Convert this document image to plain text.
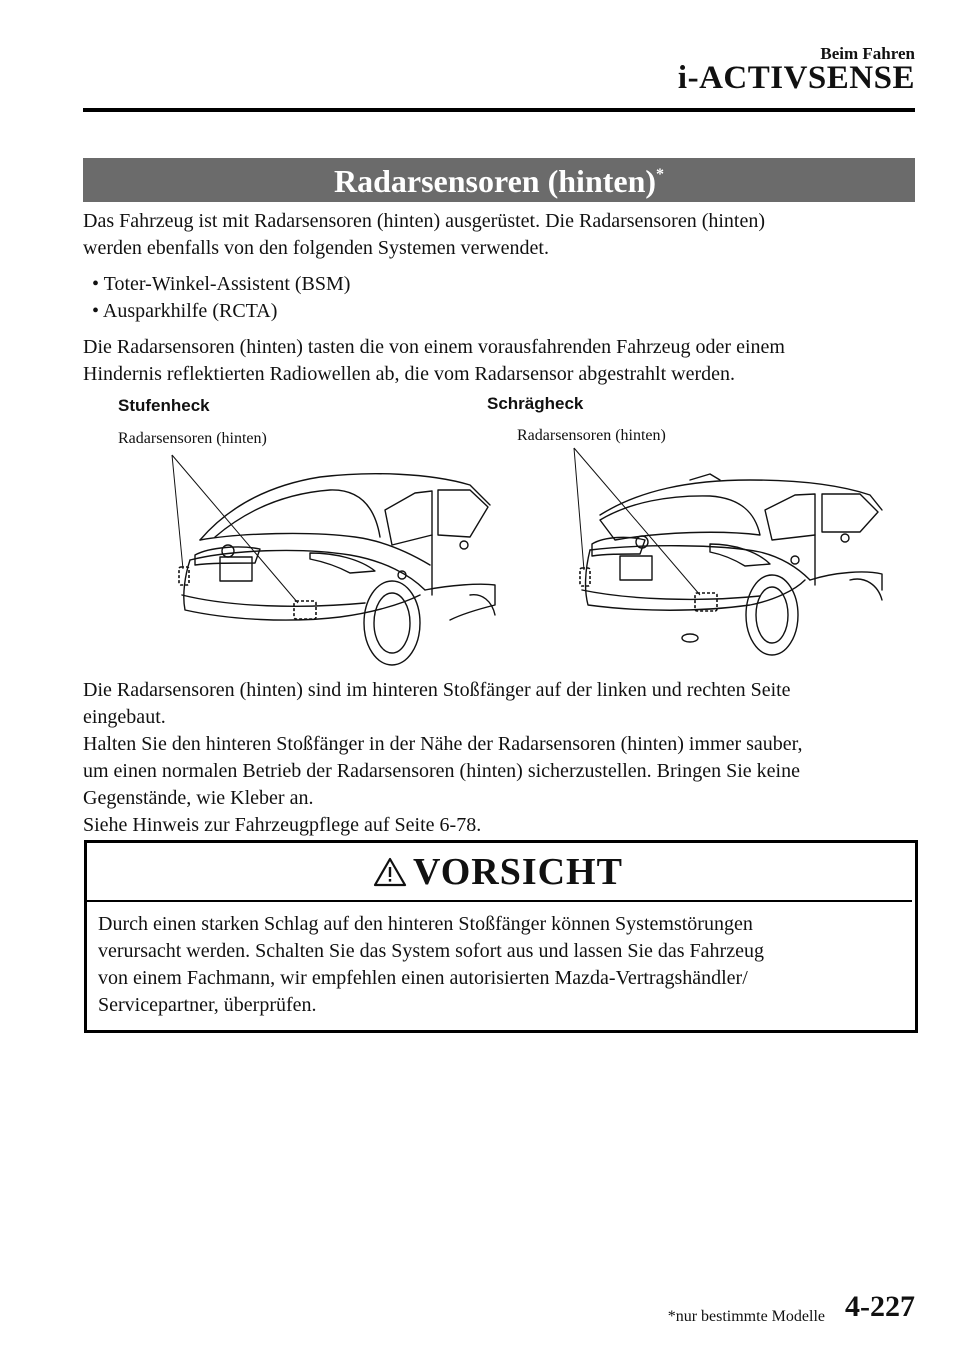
Beim Fahren
i-ACTIVSENSE
Radarsensoren (hinten)*
Das Fahrzeug ist mit Radarsensoren (hinten) ausgerüstet. Die Radarsensoren (hinten)
werden ebenfalls von den folgenden Systemen verwendet.
• Toter-Winkel-Assistent (BSM)
• Ausparkhilfe (RCTA)
Die Radarsensoren (hinten) tasten die von einem vorausfahrenden Fahrzeug oder einem
Hindernis reflektierten Radiowellen ab, die vom Radarsensor abgestrahlt werden.
Stufenheck	Schrägheck
Radarsensoren (hinten)	Radarsensoren (hinten)
Die Radarsensoren (hinten) sind im hinteren Stoßfänger auf der linken und rechten Seite
eingebaut.
Halten Sie den hinteren Stoßfänger in der Nähe der Radarsensoren (hinten) immer sauber,
um einen normalen Betrieb der Radarsensoren (hinten) sicherzustellen. Bringen Sie keine
Gegenstände, wie Kleber an.
Siehe Hinweis zur Fahrzeugpflege auf Seite 6-78.
VORSICHT
Durch einen starken Schlag auf den hinteren Stoßfänger können Systemstörungen
verursacht werden. Schalten Sie das System sofort aus und lassen Sie das Fahrzeug
von einem Fachmann, wir empfehlen einen autorisierten Mazda-Vertragshändler/
Servicepartner, überprüfen.
*nur bestimmte Modelle 4-227
